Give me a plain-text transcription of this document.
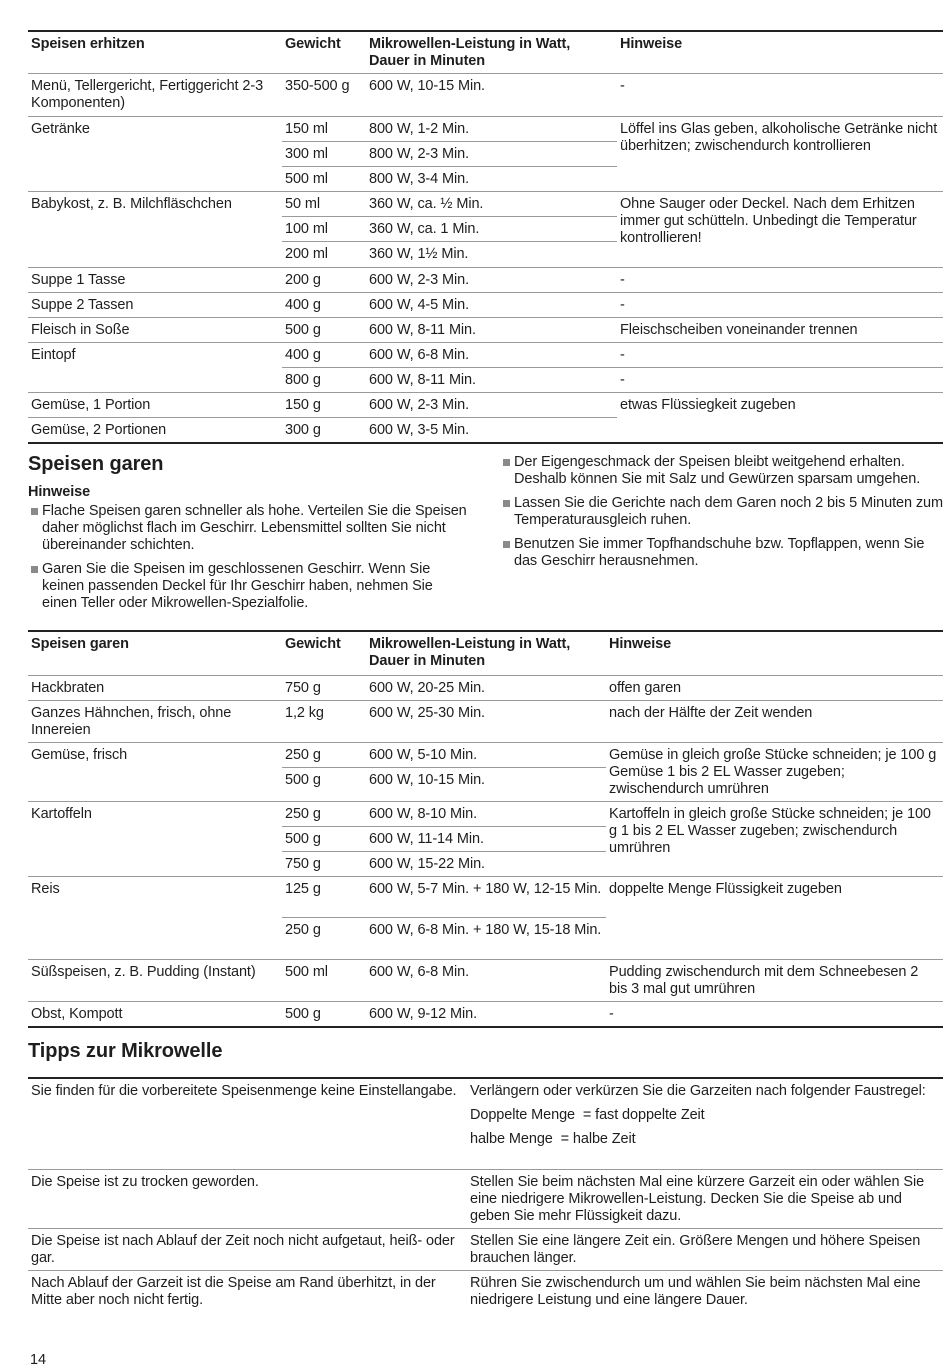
Speisen erhitzen	Gewicht	Mikrowellen-Leistung in Watt, Dauer in Minuten	Hinweise
Menü, Tellergericht, Fertiggericht 2-3 Komponenten)	350-500 g	600 W, 10-15 Min.	-
Getränke	150 ml	800 W, 1-2 Min.	Löffel ins Glas geben, alkoholische Getränke nicht überhitzen; zwischendurch kontrollieren
	300 ml	800 W, 2-3 Min.	
	500 ml	800 W, 3-4 Min.	
Babykost, z. B. Milchfläschchen	50 ml	360 W, ca. ½ Min.	Ohne Sauger oder Deckel. Nach dem Erhitzen immer gut schütteln. Unbedingt die Temperatur kontrollieren!
	100 ml	360 W, ca. 1 Min.	
	200 ml	360 W, 1½ Min.	
Suppe 1 Tasse	200 g	600 W, 2-3 Min.	-
Suppe 2 Tassen	400 g	600 W, 4-5 Min.	-
Fleisch in Soße	500 g	600 W, 8-11 Min.	Fleischscheiben voneinander trennen
Eintopf	400 g	600 W, 6-8 Min.	-
	800 g	600 W, 8-11 Min.	-
Gemüse, 1 Portion	150 g	600 W, 2-3 Min.	etwas Flüssiegkeit zugeben
Gemüse, 2 Portionen	300 g	600 W, 3-5 Min.	
Speisen garen
Hinweise
Flache Speisen garen schneller als hohe. Verteilen Sie die Speisen daher möglichst flach im Geschirr. Lebensmittel sollten Sie nicht übereinander schichten.
Garen Sie die Speisen im geschlossenen Geschirr. Wenn Sie keinen passenden Deckel für Ihr Geschirr haben, nehmen Sie einen Teller oder Mikrowellen-Spezialfolie.
Der Eigengeschmack der Speisen bleibt weitgehend erhalten. Deshalb können Sie mit Salz und Gewürzen sparsam umgehen.
Lassen Sie die Gerichte nach dem Garen noch 2 bis 5 Minuten zum Temperaturausgleich ruhen.
Benutzen Sie immer Topfhandschuhe bzw. Topflappen, wenn Sie das Geschirr herausnehmen.
Speisen garen	Gewicht	Mikrowellen-Leistung in Watt, Dauer in Minuten	Hinweise
Hackbraten	750 g	600 W, 20-25 Min.	offen garen
Ganzes Hähnchen, frisch, ohne Innereien	1,2 kg	600 W, 25-30 Min.	nach der Hälfte der Zeit wenden
Gemüse, frisch	250 g	600 W, 5-10 Min.	Gemüse in gleich große Stücke schneiden; je 100 g Gemüse 1 bis 2 EL Wasser zugeben; zwischendurch umrühren
	500 g	600 W, 10-15 Min.	
Kartoffeln	250 g	600 W, 8-10 Min.	Kartoffeln in gleich große Stücke schneiden; je 100 g 1 bis 2 EL Wasser zugeben; zwischendurch umrühren
	500 g	600 W, 11-14 Min.	
	750 g	600 W, 15-22 Min.	
Reis	125 g	600 W, 5-7 Min. + 180 W, 12-15 Min.	doppelte Menge Flüssigkeit zugeben
	250 g	600 W, 6-8 Min. + 180 W, 15-18 Min.	
Süßspeisen, z. B. Pudding (Instant)	500 ml	600 W, 6-8 Min.	Pudding zwischendurch mit dem Schneebesen 2 bis 3 mal gut umrühren
Obst, Kompott	500 g	600 W, 9-12 Min.	-
Tipps zur Mikrowelle
Sie finden für die vorbereitete Speisenmenge keine Einstellangabe.	Verlängern oder verkürzen Sie die Garzeiten nach folgender Faustregel:

Doppelte Menge  = fast doppelte Zeit

halbe Menge  = halbe Zeit

Die Speise ist zu trocken geworden.	Stellen Sie beim nächsten Mal eine kürzere Garzeit ein oder wählen Sie eine niedrigere Mikrowellen-Leistung. Decken Sie die Speise ab und geben Sie mehr Flüssigkeit dazu.
Die Speise ist nach Ablauf der Zeit noch nicht aufgetaut, heiß- oder gar.	Stellen Sie eine längere Zeit ein. Größere Mengen und höhere Speisen brauchen länger.
Nach Ablauf der Garzeit ist die Speise am Rand überhitzt, in der Mitte aber noch nicht fertig.	Rühren Sie zwischendurch um und wählen Sie beim nächsten Mal eine niedrigere Leistung und eine längere Dauer.
14
